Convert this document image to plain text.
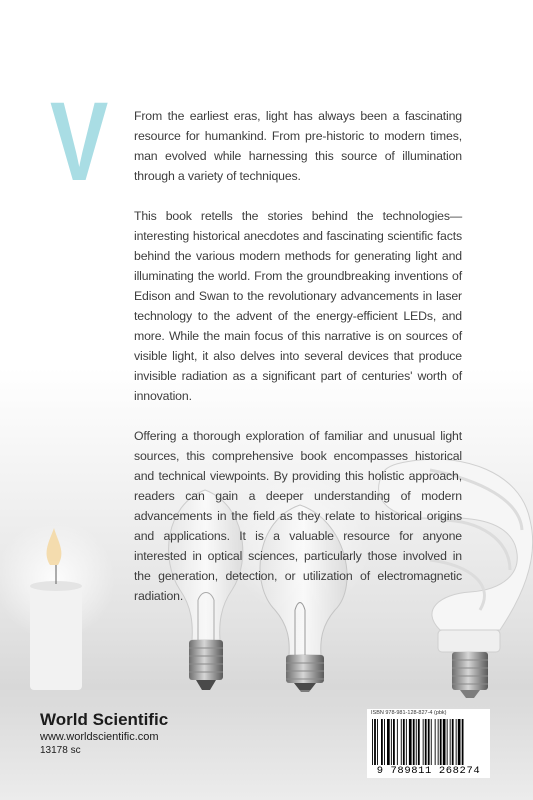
V From the earliest eras, light has always been a fascinating resource for humankind. From pre-historic to modern times, man evolved while harnessing this source of illumination through a variety of techniques.

This book retells the stories behind the technologies— interesting historical anecdotes and fascinating scientific facts behind the various modern methods for generating light and illuminating the world. From the groundbreaking inventions of Edison and Swan to the revolutionary advancements in laser technology to the advent of the energy-efficient LEDs, and more. While the main focus of this narrative is on sources of visible light, it also delves into several devices that produce invisible radiation as a significant part of centuries' worth of innovation.

Offering a thorough exploration of familiar and unusual light sources, this comprehensive book encompasses historical and technical viewpoints. By providing this holistic approach, readers can gain a deeper understanding of modern advancements in the field as they relate to historical origins and applications. It is a valuable resource for anyone interested in optical sciences, particularly those involved in the generation, detection, or utilization of electromagnetic radiation.

World Scientific
www.worldscientific.com
13178 sc
ISBN 978-981-128-827-4 (pbk)
9 789811 268274
